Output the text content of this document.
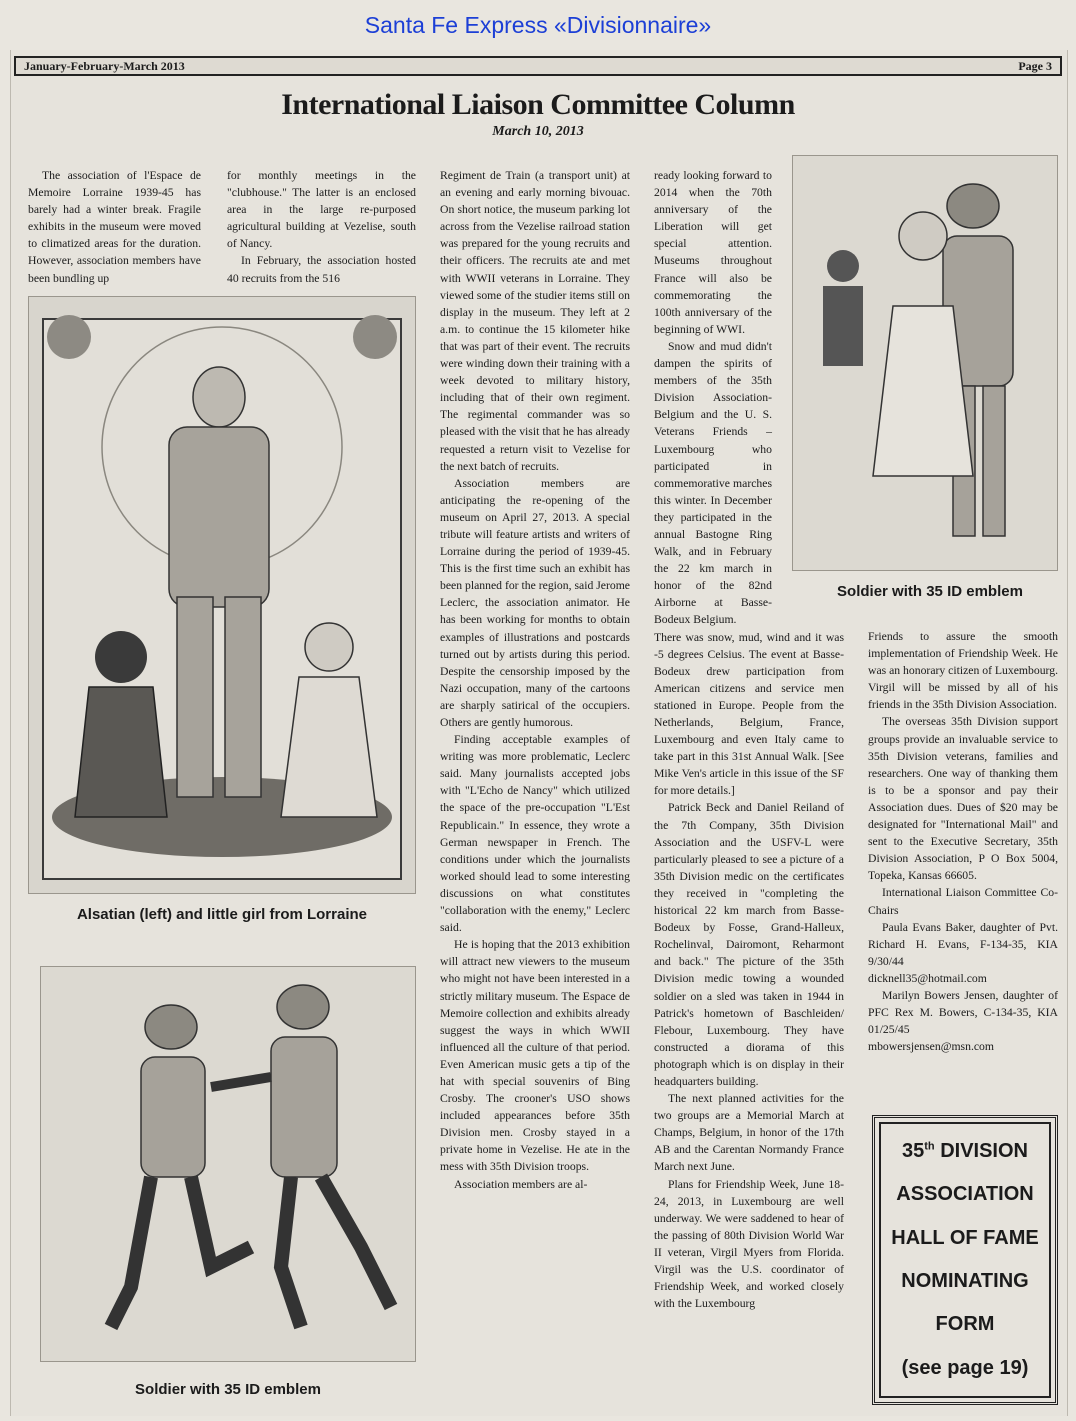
Santa Fe Express «Divisionnaire»
January-February-March 2013	Page 3
International Liaison Committee Column
March 10, 2013

The association of l'Espace de Memoire Lorraine 1939-45 has barely had a winter break. Fragile exhibits in the museum were moved to climatized areas for the duration. However, association members have been bundling up

for monthly meetings in the "clubhouse." The latter is an enclosed area in the large re-purposed agricultural building at Vezelise, south of Nancy.

In February, the association hosted 40 recruits from the 516

Alsatian (left) and little girl from Lorraine
Soldier with 35 ID emblem

Regiment de Train (a transport unit) at an evening and early morning bivouac. On short notice, the museum parking lot across from the Vezelise railroad station was prepared for the young recruits and their officers. The recruits ate and met with WWII veterans in Lorraine. They viewed some of the studier items still on display in the museum. They left at 2 a.m. to continue the 15 kilometer hike that was part of their event. The recruits were winding down their training with a week devoted to military history, including that of their own regiment. The regimental commander was so pleased with the visit that he has already requested a return visit to Vezelise for the next batch of recruits.

Association members are anticipating the re-opening of the museum on April 27, 2013. A special tribute will feature artists and writers of Lorraine during the period of 1939-45. This is the first time such an exhibit has been planned for the region, said Jerome Leclerc, the association animator. He has been working for months to obtain examples of illustrations and postcards turned out by artists during this period. Despite the censorship imposed by the Nazi occupation, many of the cartoons are sharply satirical of the occupiers. Others are gently humorous.

Finding acceptable examples of writing was more problematic, Leclerc said. Many journalists accepted jobs with "L'Echo de Nancy" which utilized the space of the pre-occupation "L'Est Republicain." In essence, they wrote a German newspaper in French. The conditions under which the journalists worked should lead to some interesting discussions on what constitutes "collaboration with the enemy," Leclerc said.

He is hoping that the 2013 exhibition will attract new viewers to the museum who might not have been interested in a strictly military museum. The Espace de Memoire collection and exhibits already suggest the ways in which WWII influenced all the culture of that period. Even American music gets a tip of the hat with special souvenirs of Bing Crosby. The crooner's USO shows included appearances before 35th Division men. Crosby stayed in a private home in Vezelise. He ate in the mess with 35th Division troops.

Association members are al-

ready looking forward to 2014 when the 70th anniversary of the Liberation will get special attention. Museums throughout France will also be commemorating the 100th anniversary of the beginning of WWI.

Snow and mud didn't dampen the spirits of members of the 35th Division Association-Belgium and the U. S. Veterans Friends – Luxembourg who participated in commemorative marches this winter. In December they participated in the annual Bastogne Ring Walk, and in February the 22 km march in honor of the 82nd Airborne at Basse-Bodeux Belgium.

There was snow, mud, wind and it was -5 degrees Celsius. The event at Basse-Bodeux drew participation from American citizens and service men stationed in Europe. People from the Netherlands, Belgium, France, Luxembourg and even Italy came to take part in this 31st Annual Walk. [See Mike Ven's article in this issue of the SF for more details.]

Patrick Beck and Daniel Reiland of the 7th Company, 35th Division Association and the USFV-L were particularly pleased to see a picture of a 35th Division medic on the certificates they received in "completing the historical 22 km march from Basse-Bodeux by Fosse, Grand-Halleux, Rochelinval, Dairomont, Reharmont and back." The picture of the 35th Division medic towing a wounded soldier on a sled was taken in 1944 in Patrick's hometown of Baschleiden/ Flebour, Luxembourg. They have constructed a diorama of this photograph which is on display in their headquarters building.

The next planned activities for the two groups are a Memorial March at Champs, Belgium, in honor of the 17th AB and the Carentan Normandy France March next June.

Plans for Friendship Week, June 18-24, 2013, in Luxembourg are well underway. We were saddened to hear of the passing of 80th Division World War II veteran, Virgil Myers from Florida. Virgil was the U.S. coordinator of Friendship Week, and worked closely with the Luxembourg

Soldier with 35 ID emblem

Friends to assure the smooth implementation of Friendship Week. He was an honorary citizen of Luxembourg. Virgil will be missed by all of his friends in the 35th Division Association.

The overseas 35th Division support groups provide an invaluable service to 35th Division veterans, families and researchers. One way of thanking them is to be a sponsor and pay their Association dues. Dues of $20 may be designated for "International Mail" and sent to the Executive Secretary, 35th Division Association, P O Box 5004, Topeka, Kansas 66605.

International Liaison Committee Co-Chairs

Paula Evans Baker, daughter of Pvt. Richard H. Evans, F-134-35, KIA 9/30/44

dicknell35@hotmail.com

Marilyn Bowers Jensen, daughter of PFC Rex M. Bowers, C-134-35, KIA 01/25/45

mbowersjensen@msn.com

35th DIVISION
ASSOCIATION
HALL OF FAME
NOMINATING
FORM
(see page 19)
